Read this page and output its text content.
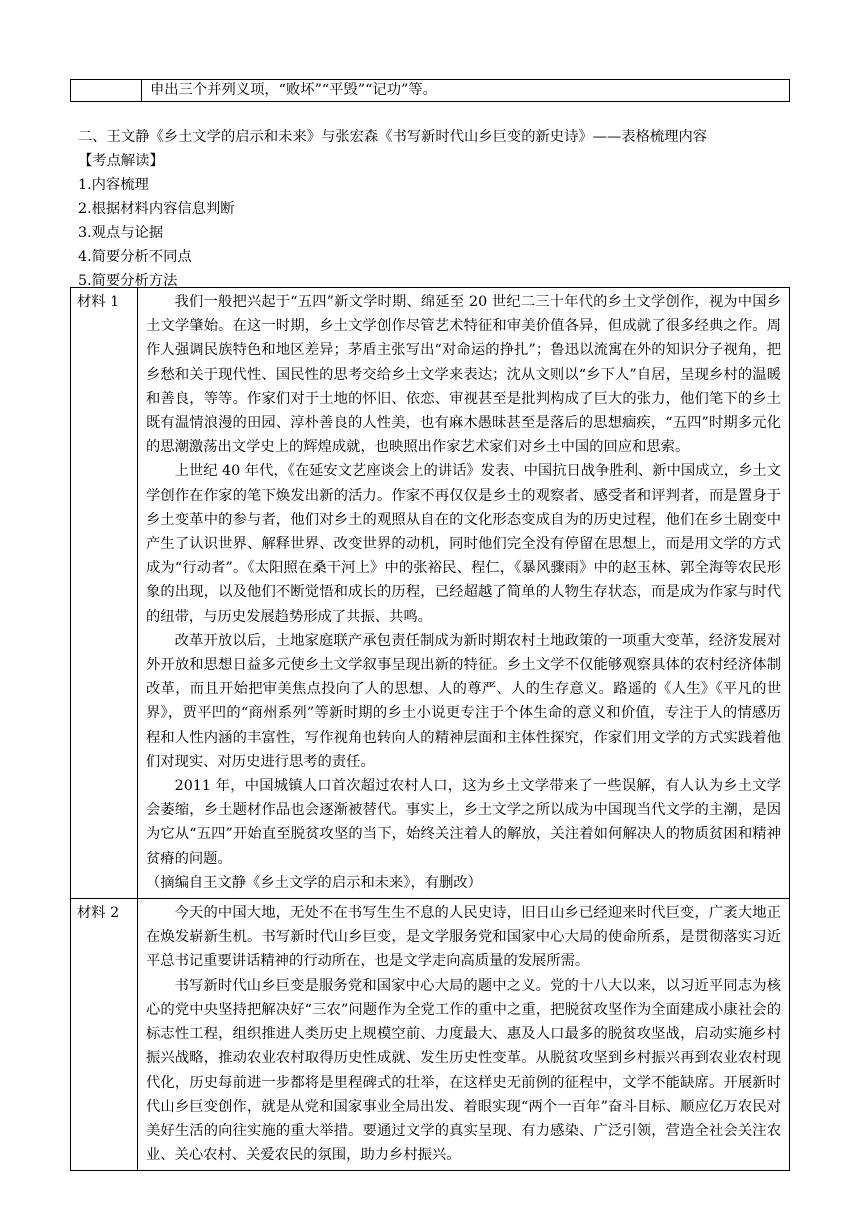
	申出三个并列义项，“败坏”“平毁”“记功”等。
二、王文静《乡土文学的启示和未来》与张宏森《书写新时代山乡巨变的新史诗》——表格梳理内容
【考点解读】
1.内容梳理
2.根据材料内容信息判断
3.观点与论据
4.简要分析不同点
5.简要分析方法
材料 1	我们一般把兴起于“五四”新文学时期、绵延至 20 世纪二三十年代的乡土文学创作，视为中国乡土文学肇始。在这一时期，乡土文学创作尽管艺术特征和审美价值各异，但成就了很多经典之作。周作人强调民族特色和地区差异；茅盾主张写出“对命运的挣扎”；鲁迅以流寓在外的知识分子视角，把乡愁和关于现代性、国民性的思考交给乡土文学来表达；沈从文则以“乡下人”自居，呈现乡村的温暖和善良，等等。作家们对于土地的怀旧、依恋、审视甚至是批判构成了巨大的张力，他们笔下的乡土既有温情浪漫的田园、淳朴善良的人性美，也有麻木愚昧甚至是落后的思想痼疾，“五四”时期多元化的思潮激荡出文学史上的辉煌成就，也映照出作家艺术家们对乡土中国的回应和思索。

上世纪 40 年代，《在延安文艺座谈会上的讲话》发表、中国抗日战争胜利、新中国成立，乡土文学创作在作家的笔下焕发出新的活力。作家不再仅仅是乡土的观察者、感受者和评判者，而是置身于乡土变革中的参与者，他们对乡土的观照从自在的文化形态变成自为的历史过程，他们在乡土剧变中产生了认识世界、解释世界、改变世界的动机，同时他们完全没有停留在思想上，而是用文学的方式成为“行动者”。《太阳照在桑干河上》中的张裕民、程仁，《暴风骤雨》中的赵玉林、郭全海等农民形象的出现，以及他们不断觉悟和成长的历程，已经超越了简单的人物生存状态，而是成为作家与时代的纽带，与历史发展趋势形成了共振、共鸣。

改革开放以后，土地家庭联产承包责任制成为新时期农村土地政策的一项重大变革，经济发展对外开放和思想日益多元使乡土文学叙事呈现出新的特征。乡土文学不仅能够观察具体的农村经济体制改革，而且开始把审美焦点投向了人的思想、人的尊严、人的生存意义。路遥的《人生》《平凡的世界》，贾平凹的“商州系列”等新时期的乡土小说更专注于个体生命的意义和价值，专注于人的情感历程和人性内涵的丰富性，写作视角也转向人的精神层面和主体性探究，作家们用文学的方式实践着他们对现实、对历史进行思考的责任。

2011 年，中国城镇人口首次超过农村人口，这为乡土文学带来了一些误解，有人认为乡土文学会萎缩，乡土题材作品也会逐渐被替代。事实上，乡土文学之所以成为中国现当代文学的主潮，是因为它从“五四”开始直至脱贫攻坚的当下，始终关注着人的解放，关注着如何解决人的物质贫困和精神贫瘠的问题。

（摘编自王文静《乡土文学的启示和未来》，有删改）

材料 2	今天的中国大地，无处不在书写生生不息的人民史诗，旧日山乡已经迎来时代巨变，广袤大地正在焕发崭新生机。书写新时代山乡巨变，是文学服务党和国家中心大局的使命所系，是贯彻落实习近平总书记重要讲话精神的行动所在，也是文学走向高质量的发展所需。

书写新时代山乡巨变是服务党和国家中心大局的题中之义。党的十八大以来，以习近平同志为核心的党中央坚持把解决好“三农”问题作为全党工作的重中之重，把脱贫攻坚作为全面建成小康社会的标志性工程，组织推进人类历史上规模空前、力度最大、惠及人口最多的脱贫攻坚战，启动实施乡村振兴战略，推动农业农村取得历史性成就、发生历史性变革。从脱贫攻坚到乡村振兴再到农业农村现代化，历史每前进一步都将是里程碑式的壮举，在这样史无前例的征程中，文学不能缺席。开展新时代山乡巨变创作，就是从党和国家事业全局出发、着眼实现“两个一百年”奋斗目标、顺应亿万农民对美好生活的向往实施的重大举措。要通过文学的真实呈现、有力感染、广泛引领，营造全社会关注农业、关心农村、关爱农民的氛围，助力乡村振兴。
